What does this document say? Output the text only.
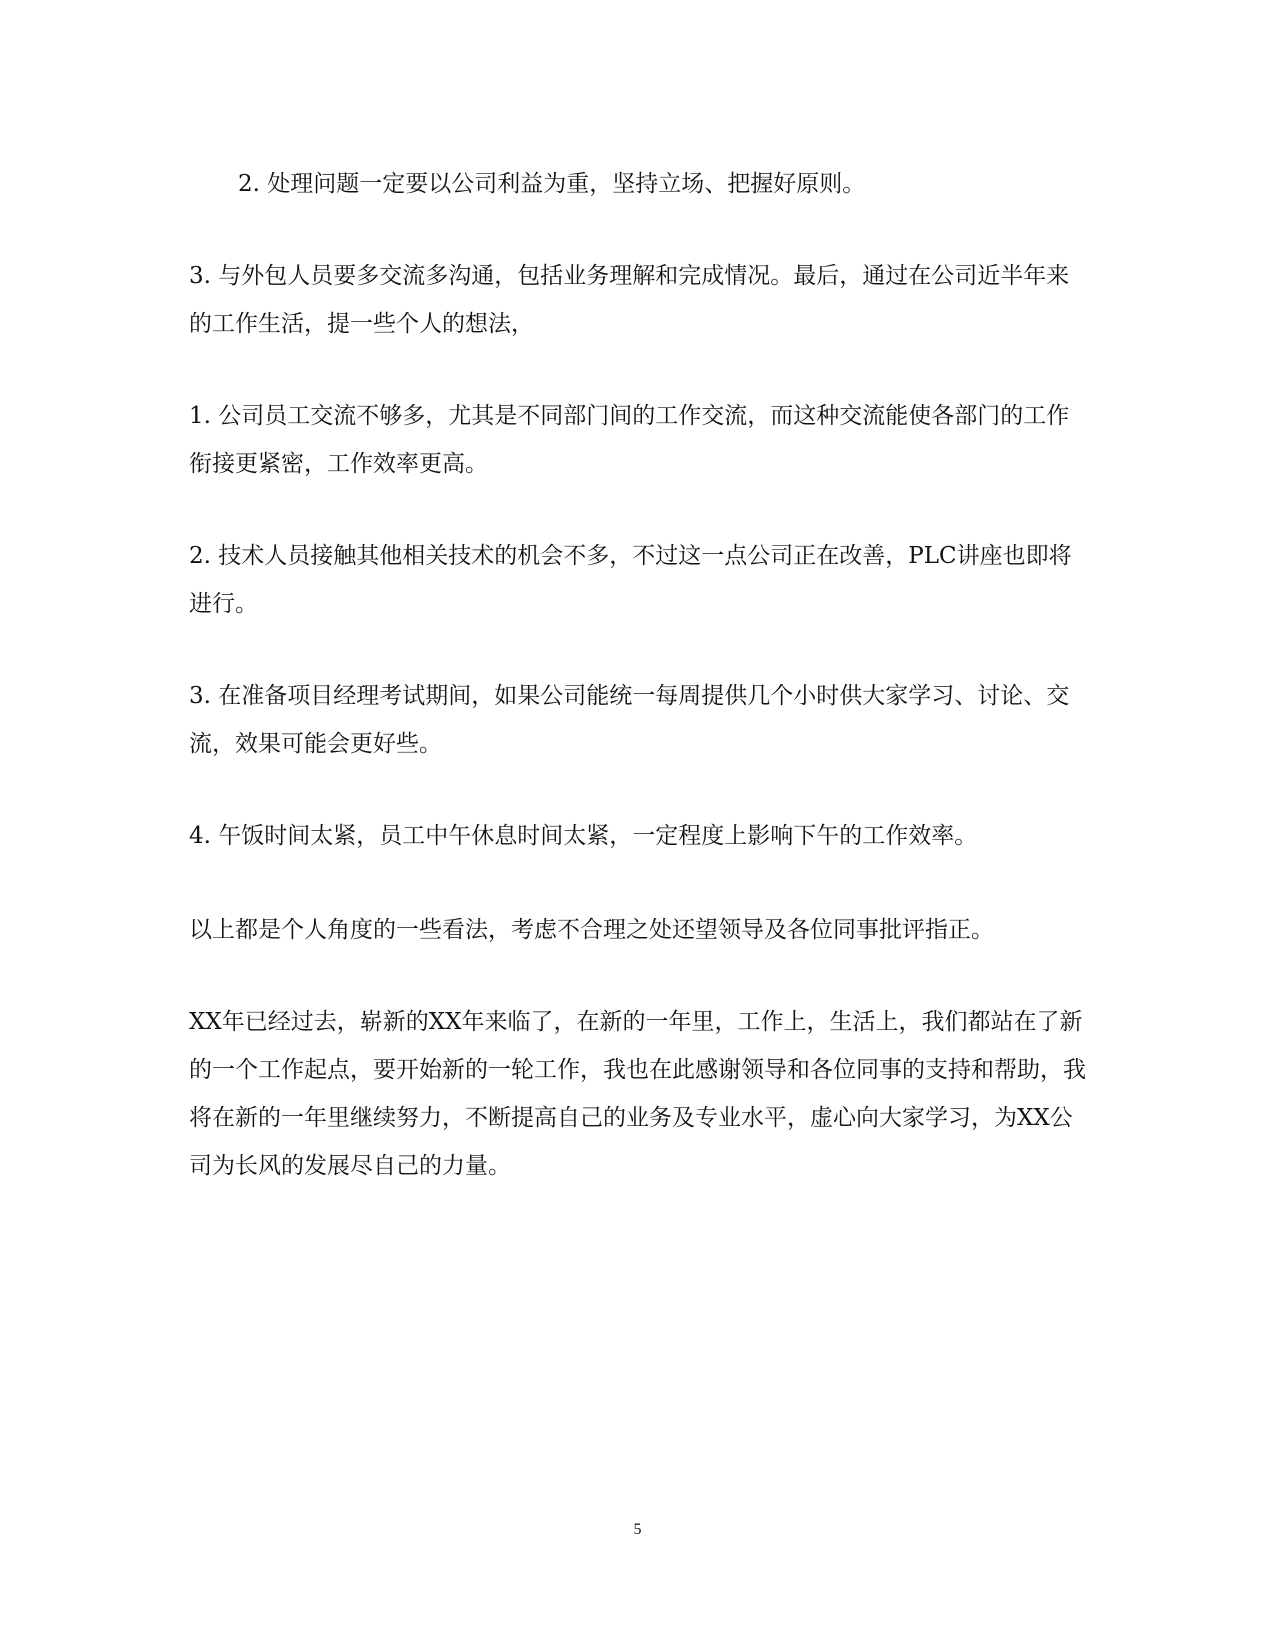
2. 处理问题一定要以公司利益为重，坚持立场、把握好原则。

3. 与外包人员要多交流多沟通，包括业务理解和完成情况。最后，通过在公司近半年来的工作生活，提一些个人的想法，

1. 公司员工交流不够多，尤其是不同部门间的工作交流，而这种交流能使各部门的工作衔接更紧密，工作效率更高。

2. 技术人员接触其他相关技术的机会不多，不过这一点公司正在改善，PLC讲座也即将进行。

3. 在准备项目经理考试期间，如果公司能统一每周提供几个小时供大家学习、讨论、交流，效果可能会更好些。

4. 午饭时间太紧，员工中午休息时间太紧，一定程度上影响下午的工作效率。

以上都是个人角度的一些看法，考虑不合理之处还望领导及各位同事批评指正。

XX年已经过去，崭新的XX年来临了，在新的一年里，工作上，生活上，我们都站在了新的一个工作起点，要开始新的一轮工作，我也在此感谢领导和各位同事的支持和帮助，我将在新的一年里继续努力，不断提高自己的业务及专业水平，虚心向大家学习，为XX公司为长风的发展尽自己的力量。

5
